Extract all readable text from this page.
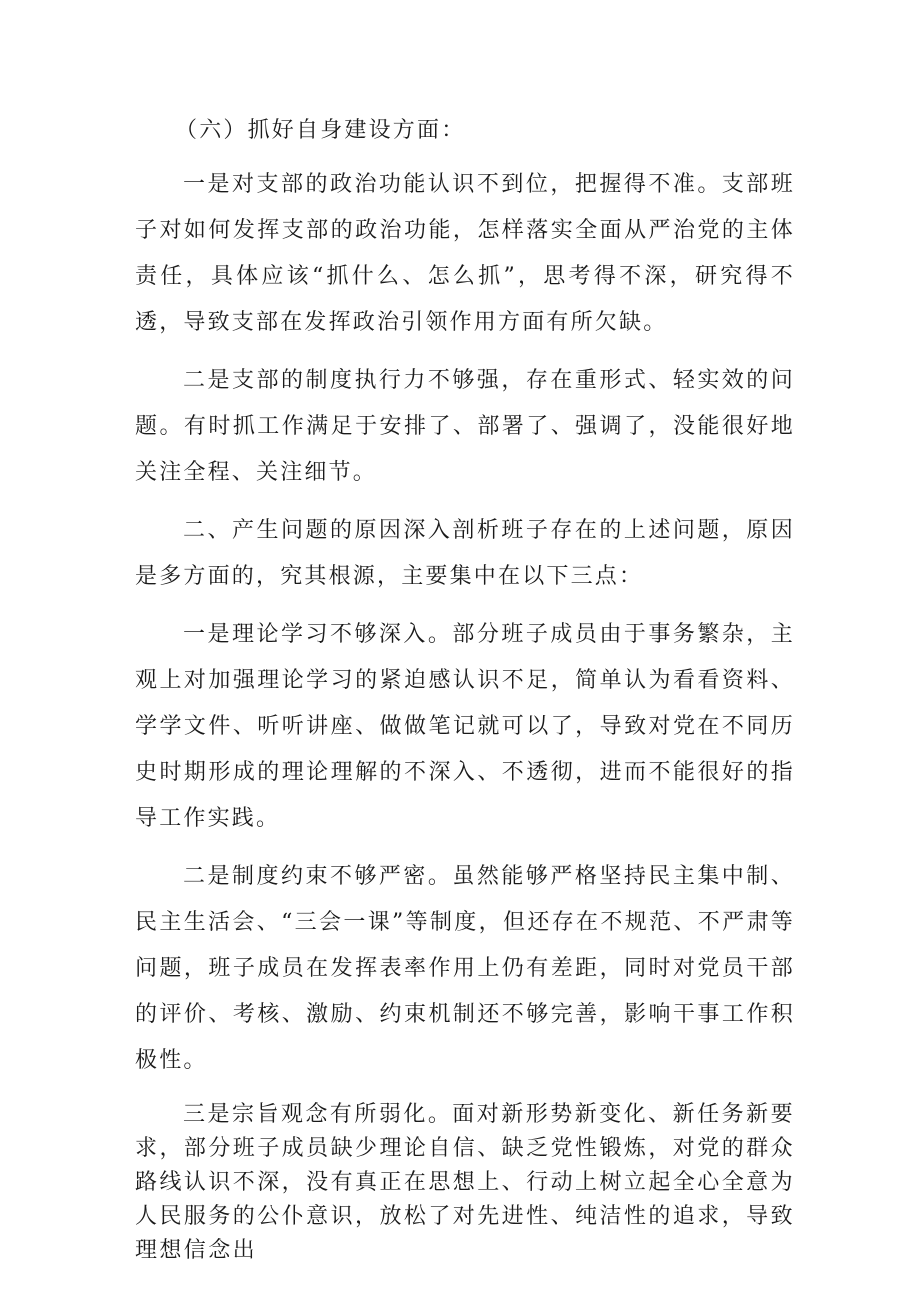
（六）抓好自身建设方面：

一是对支部的政治功能认识不到位，把握得不准。支部班子对如何发挥支部的政治功能，怎样落实全面从严治党的主体责任，具体应该“抓什么、怎么抓”，思考得不深，研究得不透，导致支部在发挥政治引领作用方面有所欠缺。

二是支部的制度执行力不够强，存在重形式、轻实效的问题。有时抓工作满足于安排了、部署了、强调了，没能很好地关注全程、关注细节。

二、产生问题的原因深入剖析班子存在的上述问题，原因是多方面的，究其根源，主要集中在以下三点：

一是理论学习不够深入。部分班子成员由于事务繁杂，主观上对加强理论学习的紧迫感认识不足，简单认为看看资料、学学文件、听听讲座、做做笔记就可以了，导致对党在不同历史时期形成的理论理解的不深入、不透彻，进而不能很好的指导工作实践。

二是制度约束不够严密。虽然能够严格坚持民主集中制、民主生活会、“三会一课”等制度，但还存在不规范、不严肃等问题，班子成员在发挥表率作用上仍有差距，同时对党员干部的评价、考核、激励、约束机制还不够完善，影响干事工作积极性。

三是宗旨观念有所弱化。面对新形势新变化、新任务新要求，部分班子成员缺少理论自信、缺乏党性锻炼，对党的群众路线认识不深，没有真正在思想上、行动上树立起全心全意为人民服务的公仆意识，放松了对先进性、纯洁性的追求，导致理想信念出
